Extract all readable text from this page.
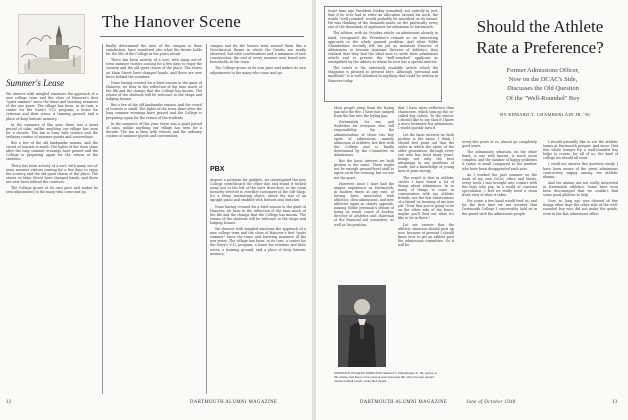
The Hanover Scene
Summer's Lease

We observe with mingled emotions the approach of a new college term and the close of Hanover's first "quiet summer" since the tense and bursting summers of the war years. The village has been, in its turn, a center for the Navy's V-12 program, a home for veterans and their wives, a training ground, and a place of deep historic memory.

In the summers of this year, there was a quiet period of calm, unlike anything our village has seen for a decade. The Inn is busy with visitors and the ordinary routine of summer guests and conventions.

But a few of the old landmarks remain, and the crowd of tourists is small. The lights of the town shine after the long summer evenings have passed and the College is preparing again for the return of the students.

There has been activity of a sort, with many out-of-town summer visitors coming for a few days to enjoy the scenery and the old quiet charm of the place. The stores on Main Street have changed hands, and there are new faces behind the counters.

The College grows at its own pace and makes its own adjustments to the many who come and go.

finally determined the area of the campus to their satisfaction, have wondered also what the future holds for the life of the College in the years ahead.

There has been activity of a sort, with many out-of-town summer visitors coming for a few days to enjoy the scenery and the old quiet charm of the place. The stores on Main Street have changed hands, and there are new faces behind the counters.

None having crossed for a brief season to the quiet of Hanover, we hear in the reflection of the time much of the life and the change that the College has known. The return of the students will be welcome in the shops and lodging houses.

But a few of the old landmarks remain, and the crowd of tourists is small. The lights of the town shine after the long summer evenings have passed and the College is preparing again for the return of the students.

In the summers of this year, there was a quiet period of calm, unlike anything our village has seen for a decade. The Inn is busy with visitors and the ordinary routine of summer guests and conventions.

campus and for the houses went around them, like a Neoclassical theme in which the Greeks are neatly observed, but with conversations and a minimum of new construction, the end of every summer sees brand new households in the town.

The College grows at its own pace and makes its own adjustments to the many who come and go.

PBX

Anyone a postman for gadgets, we investigated the new College switchboard the other day and found it tucked away just to the left of the Inn's front door, in the room formerly devoted to overflow customers of the Gift Shop. It's a shiny, fascinating object, above the size of an upright piano and studded with buttons and switches.

None having crossed for a brief season to the quiet of Hanover, we hear in the reflection of the time much of the life and the change that the College has known. The return of the students will be welcome in the shops and lodging houses.

We observe with mingled emotions the approach of a new college term and the close of Hanover's first "quiet summer" since the tense and bursting summers of the war years. The village has been, in its turn, a center for the Navy's V-12 program, a home for veterans and their wives, a training ground, and a place of deep historic memory.

12	DARTMOUTH ALUMNI MAGAZINE

Some time ago President Dickey remarked, not entirely in jest, that if he ever had to write an allocation around his neck, the words "well rounded" would probably be inscribed on its breast. He was thinking of the demands made on the practically every one of the thousands of applicants for admission to Dartmouth.

The editors, with an October article on admissions already in mind, recognized the President's remark as an interesting approach to the whole general problem. And when Eddie Chamberlain recently left his job as Assistant Director of Admissions to become Assistant Director of Athletics, they realized that they had the ideal man to write their admissions article and to present the "well-rounded" applicant as exemplified by the athlete to whom he now has a special interest.

The result is the extremely readable article which the Magazine is pleased to present here. Although "personal and unofficial," it is well informed in anything that could be written in Hanover today.

Most people jump from the frying pan into the fire. I have just jumped from the fire into the frying pan.

Fortunately for me, and doubtless for everyone else, full responsibility for the administration of those two key spots of admissions, namely admission of athletes, lies first with the College and is finally determined by the Committee on Admissions.

But the basic interest we both profess is the same. There might not be enough ground-level stuff to agree on in the evening, but we are not far apart.

However, since I have had the unique experience as Dartmouth, in modern times at any rate, of having been associated with athletics, then admissions, and now athletics again as closely opposite, naming Eddie Jeremiah's dream of being as smart coach of hockey, director of athletics and chairman of the financial aid committee, as well as his position.

that I have more reflective than characters, which sum up the so-called boy values. To the extent, I should like to say that if I knew a more fortunate list admissions, I would quickly turn it.

Let the basic interest we both profess is the same, I think I should first point out that the order in which the spirit of the older generation, through every one who has lived many years, brings not only the best advantage to our problems of youth, but a knowledge of young men of pure energy.

The result is that in athletic circles I have heard a lot of things about admissions. In so many of things to come in conversation with my athletic friends, are the few observations of a friend on learning of my new job: "Now that you're going to be on the other side of the fence, maybe you'll find out what it's like to be in there."

Let me answer that the athletic situation should pick up now, because at present I should know how to get an athlete past the admissions committee. So it will be.

every five years or so, almost go completely good years.

The admissions situation, on the other hand, is one well known. A much more complex, and the number of happy problems it raises is small compared to the number who have been disappointed each year.

As I worked the past summer on the work of my own DCAC office and theirs, every week I was brought into contact with the boys who pay. In a world of constant speculation, I feel we really need a clean fresh view of what it takes.

For some, a few hand would feed us, and for the first time we are assured that Dartmouth College I conceivably hold us in the grand with the admissions people.

I should naturally like to see the athletic teams at Dartmouth prosper. And more: that this whole hunger for a well-rounded boy helps to create, for all of us, the kind of college we should all want.

I could not answer this question easily. I have been aware of the great admissions controversy raging among the athletic alumni.

And the alumni are not really interested in Dartmouth athletics. Some have even been discouraged that we couldn't find some good athletes to help.

Now, so long ago was cleared of few things other than the other side of the well-rounded boy who did not make the grade, even in the last admissions office.

DARTMOUTH ALUMNI MAGAZINE	June of October 1948	13
Should the Athlete
Rate a Preference?
Former Admissions Officer,
Now on the DCAC's Side,
Discusses the Old Question
Of the "Well-Rounded" Boy
BY EDWARD T. CHAMBERLAIN JR. '36
ASSISTANT ATHLETIC DIRECTOR: Edward T. Chamberlain Jr. '36, author of this article, has been in his present post since last fall, when he was named varsity football coach, under Bob Wyatt.
